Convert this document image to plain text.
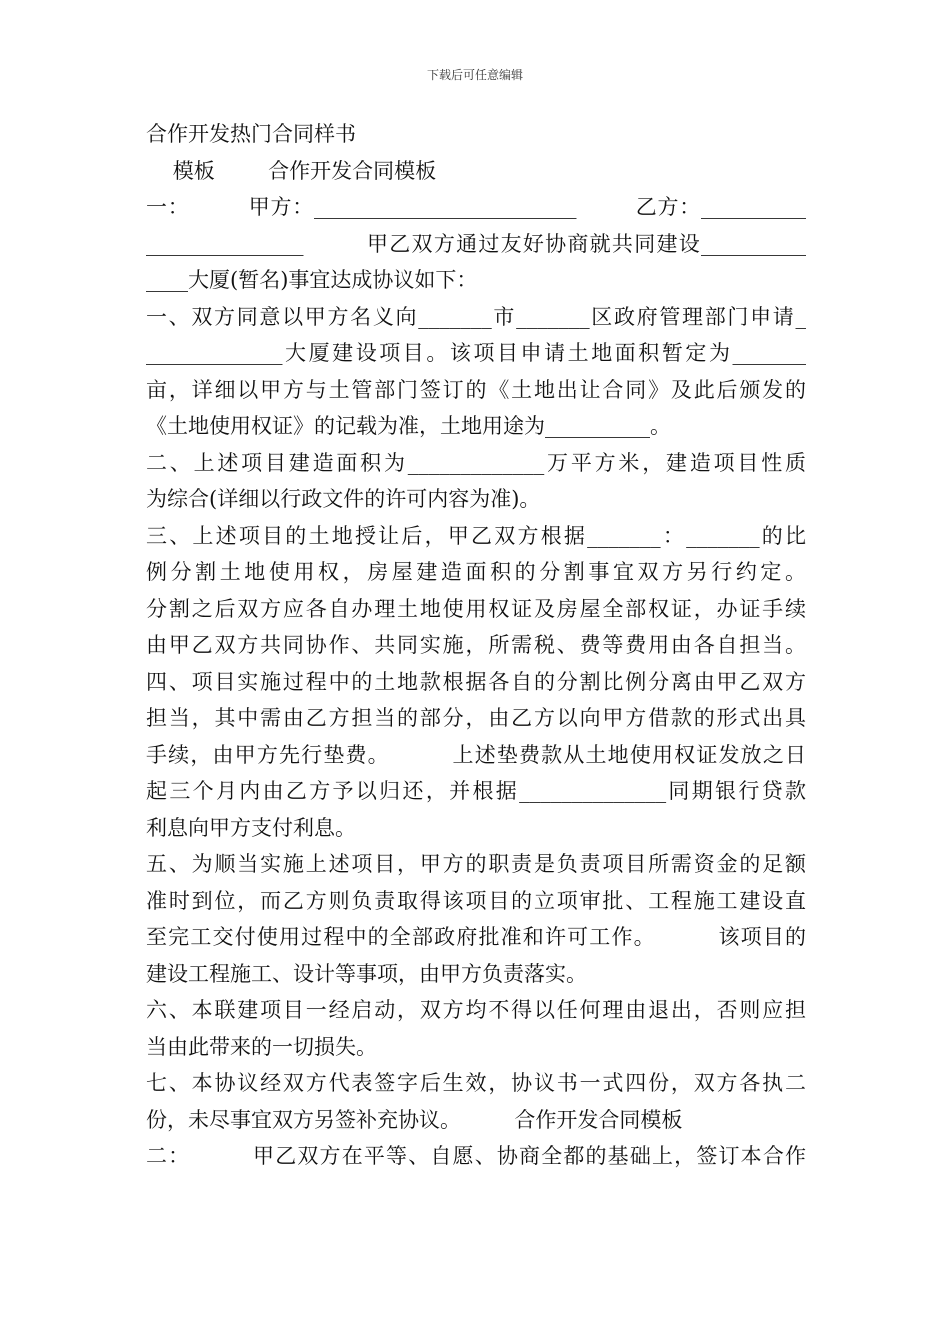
下载后可任意编辑
合作开发热门合同样书
模板        合作开发合同模板
一：        甲方：_________________________        乙方：__________
_______________        甲乙双方通过友好协商就共同建设__________
____大厦(暂名)事宜达成协议如下：
一、双方同意以甲方名义向_______市_______区政府管理部门申请_
_____________大厦建设项目。该项目申请土地面积暂定为_______
亩，详细以甲方与土管部门签订的《土地出让合同》及此后颁发的
《土地使用权证》的记载为准，土地用途为__________。
二、上述项目建造面积为_____________万平方米，建造项目性质
为综合(详细以行政文件的许可内容为准)。
三、上述项目的土地授让后，甲乙双方根据_______：_______的比
例分割土地使用权，房屋建造面积的分割事宜双方另行约定。
分割之后双方应各自办理土地使用权证及房屋全部权证，办证手续
由甲乙双方共同协作、共同实施，所需税、费等费用由各自担当。
四、项目实施过程中的土地款根据各自的分割比例分离由甲乙双方
担当，其中需由乙方担当的部分，由乙方以向甲方借款的形式出具
手续，由甲方先行垫费。        上述垫费款从土地使用权证发放之日
起三个月内由乙方予以归还，并根据______________同期银行贷款
利息向甲方支付利息。
五、为顺当实施上述项目，甲方的职责是负责项目所需资金的足额
准时到位，而乙方则负责取得该项目的立项审批、工程施工建设直
至完工交付使用过程中的全部政府批准和许可工作。        该项目的
建设工程施工、设计等事项，由甲方负责落实。
六、本联建项目一经启动，双方均不得以任何理由退出，否则应担
当由此带来的一切损失。
七、本协议经双方代表签字后生效，协议书一式四份，双方各执二
份，未尽事宜双方另签补充协议。        合作开发合同模板
二：        甲乙双方在平等、自愿、协商全都的基础上，签订本合作
